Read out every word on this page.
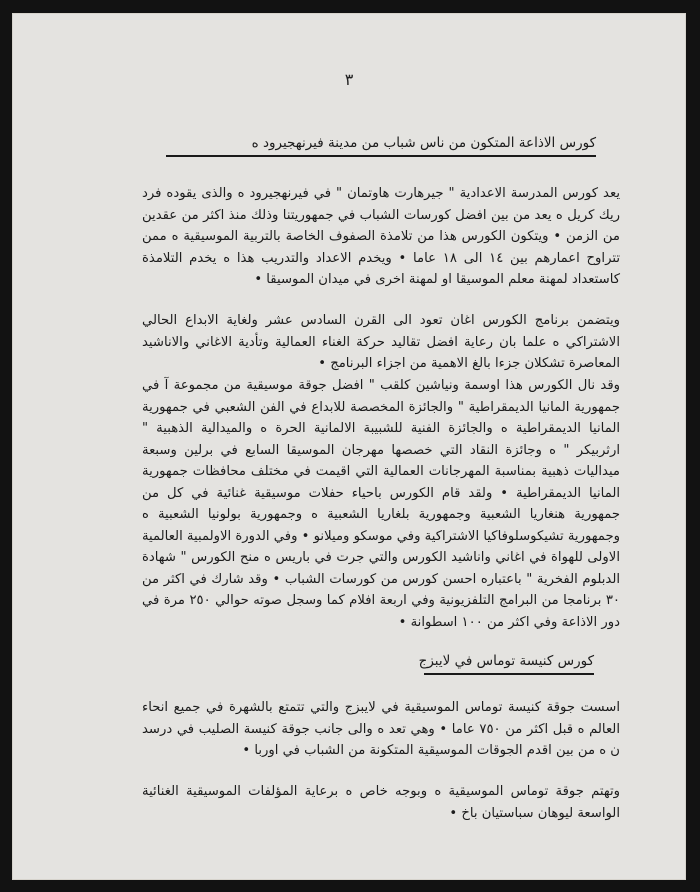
٣
كورس الاذاعة المتكون من ناس شباب من مدينة فيرنهجيرود ه

يعد كورس المدرسة الاعدادية " جيرهارت هاوتمان " في فيرنهجيرود ه والذى يقوده فرد ريك كريل ه يعد من بين افضل كورسات الشباب في جمهوريتنا وذلك منذ اكثر من عقدين من الزمن • ويتكون الكورس هذا من تلامذة الصفوف الخاصة بالتربية الموسيقية ه ممن تتراوح اعمارهم بين ١٤ الى ١٨ عاما • ويخدم الاعداد والتدريب هذا ه يخدم التلامذة كاستعداد لمهنة معلم الموسيقا او لمهنة اخرى في ميدان الموسيقا •

ويتضمن برنامج الكورس اغان تعود الى القرن السادس عشر ولغاية الابداع الحالي الاشتراكي ه علما بان رعاية افضل تقاليد حركة الغناء العمالية وتأدية الاغاني والاناشيد المعاصرة تشكلان جزءا بالغ الاهمية من اجزاء البرنامج •

وقد نال الكورس هذا اوسمة ونياشين كلقب " افضل جوقة موسيقية من مجموعة آ في جمهورية المانيا الديمقراطية " والجائزة المخصصة للابداع في الفن الشعبي في جمهورية المانيا الديمقراطية ه والجائزة الفنية للشبيبة الالمانية الحرة ه والميدالية الذهبية " ارثربيكر " ه وجائزة النقاد التي خصصها مهرجان الموسيقا السابع في برلين وسبعة ميداليات ذهبية بمناسبة المهرجانات العمالية التي اقيمت في مختلف محافظات جمهورية المانيا الديمقراطية • ولقد قام الكورس باحياء حفلات موسيقية غنائية في كل من جمهورية هنغاريا الشعبية وجمهورية بلغاريا الشعبية ه وجمهورية بولونيا الشعبية ه وجمهورية تشيكوسلوفاكيا الاشتراكية وفي موسكو وميلانو • وفي الدورة الاولمبية العالمية الاولى للهواة في اغاني واناشيد الكورس والتي جرت في باريس ه منح الكورس " شهادة الدبلوم الفخرية " باعتباره احسن كورس من كورسات الشباب • وقد شارك في اكثر من ٣٠ برنامجا من البرامج التلفزيونية وفي اربعة افلام كما وسجل صوته حوالي ٢٥٠ مرة في دور الاذاعة وفي اكثر من ١٠٠ اسطوانة •

كورس كنيسة توماس في لايبزج

اسست جوقة كنيسة توماس الموسيقية في لايبزج والتي تتمتع بالشهرة في جميع انحاء العالم ه قبل اكثر من ٧٥٠ عاما • وهي تعد ه والى جانب جوقة كنيسة الصليب في درسد ن ه من بين اقدم الجوقات الموسيقية المتكونة من الشباب في اوربا •

وتهتم جوقة توماس الموسيقية ه وبوجه خاص ه برعاية المؤلفات الموسيقية الغنائية الواسعة ليوهان سباستيان باخ •
